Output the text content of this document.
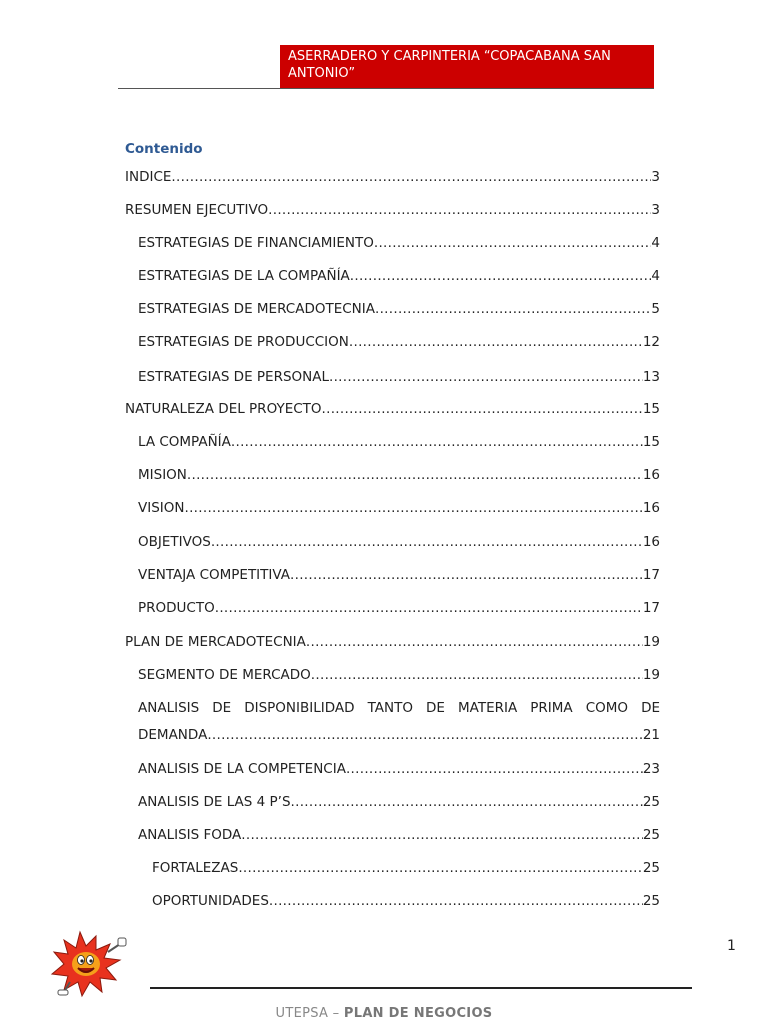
ASERRADERO Y CARPINTERIA “COPACABANA SAN ANTONIO”
Contenido
INDICE .....	3
RESUMEN EJECUTIVO .....	3
ESTRATEGIAS DE FINANCIAMIENTO .....	4
ESTRATEGIAS DE LA COMPAÑÍA .....	4
ESTRATEGIAS DE MERCADOTECNIA .....	5
ESTRATEGIAS DE PRODUCCION .....	12
ESTRATEGIAS DE PERSONAL .....	13
NATURALEZA DEL PROYECTO .....	15
LA COMPAÑÍA .....	15
MISION .....	16
VISION .....	16
OBJETIVOS .....	16
VENTAJA COMPETITIVA .....	17
PRODUCTO .....	17
PLAN DE MERCADOTECNIA .....	19
SEGMENTO DE MERCADO .....	19
ANALISIS DE DISPONIBILIDAD TANTO DE MATERIA PRIMA COMO DE
DEMANDA .....	21
ANALISIS DE LA COMPETENCIA .....	23
ANALISIS DE LAS 4 P’S .....	25
ANALISIS FODA .....	25
FORTALEZAS .....	25
OPORTUNIDADES .....	25
1
UTEPSA – PLAN DE NEGOCIOS
